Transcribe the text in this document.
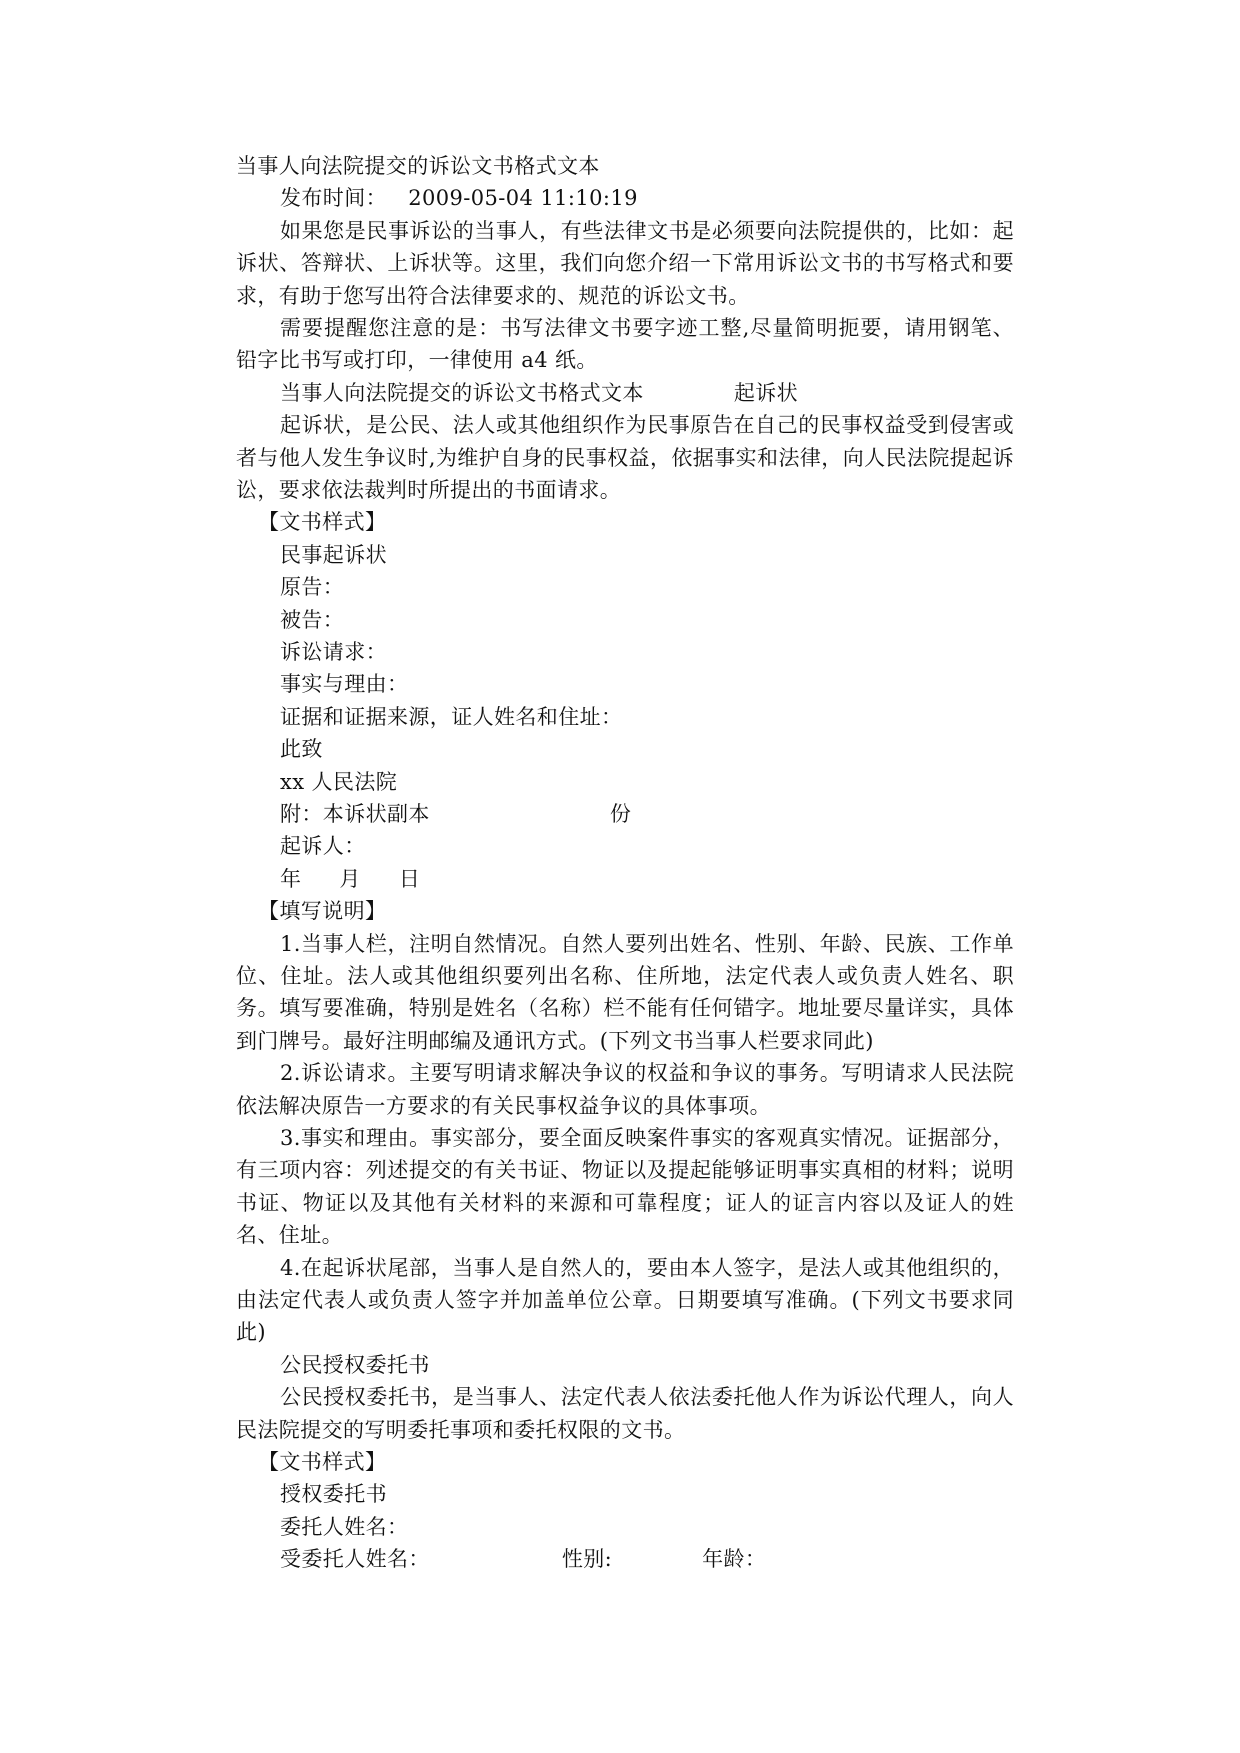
当事人向法院提交的诉讼文书格式文本
发布时间： 2009-05-04 11:10:19
如果您是民事诉讼的当事人，有些法律文书是必须要向法院提供的，比如：起诉状、答辩状、上诉状等。这里，我们向您介绍一下常用诉讼文书的书写格式和要求，有助于您写出符合法律要求的、规范的诉讼文书。
需要提醒您注意的是：书写法律文书要字迹工整,尽量简明扼要，请用钢笔、铅字比书写或打印，一律使用 a4 纸。
当事人向法院提交的诉讼文书格式文本	起诉状
起诉状，是公民、法人或其他组织作为民事原告在自己的民事权益受到侵害或者与他人发生争议时,为维护自身的民事权益，依据事实和法律，向人民法院提起诉讼，要求依法裁判时所提出的书面请求。
【文书样式】
民事起诉状
原告：
被告：
诉讼请求：
事实与理由：
证据和证据来源，证人姓名和住址：
此致
xx 人民法院
附：本诉状副本	份
起诉人：
年 月 日
【填写说明】
1.当事人栏，注明自然情况。自然人要列出姓名、性别、年龄、民族、工作单位、住址。法人或其他组织要列出名称、住所地，法定代表人或负责人姓名、职务。填写要准确，特别是姓名（名称）栏不能有任何错字。地址要尽量详实，具体到门牌号。最好注明邮编及通讯方式。(下列文书当事人栏要求同此)
2.诉讼请求。主要写明请求解决争议的权益和争议的事务。写明请求人民法院依法解决原告一方要求的有关民事权益争议的具体事项。
3.事实和理由。事实部分，要全面反映案件事实的客观真实情况。证据部分，有三项内容：列述提交的有关书证、物证以及提起能够证明事实真相的材料；说明书证、物证以及其他有关材料的来源和可靠程度；证人的证言内容以及证人的姓名、住址。
4.在起诉状尾部，当事人是自然人的，要由本人签字，是法人或其他组织的，由法定代表人或负责人签字并加盖单位公章。日期要填写准确。(下列文书要求同此)
公民授权委托书
公民授权委托书，是当事人、法定代表人依法委托他人作为诉讼代理人，向人民法院提交的写明委托事项和委托权限的文书。
【文书样式】
授权委托书
委托人姓名：
受委托人姓名：	性别:	年龄：
